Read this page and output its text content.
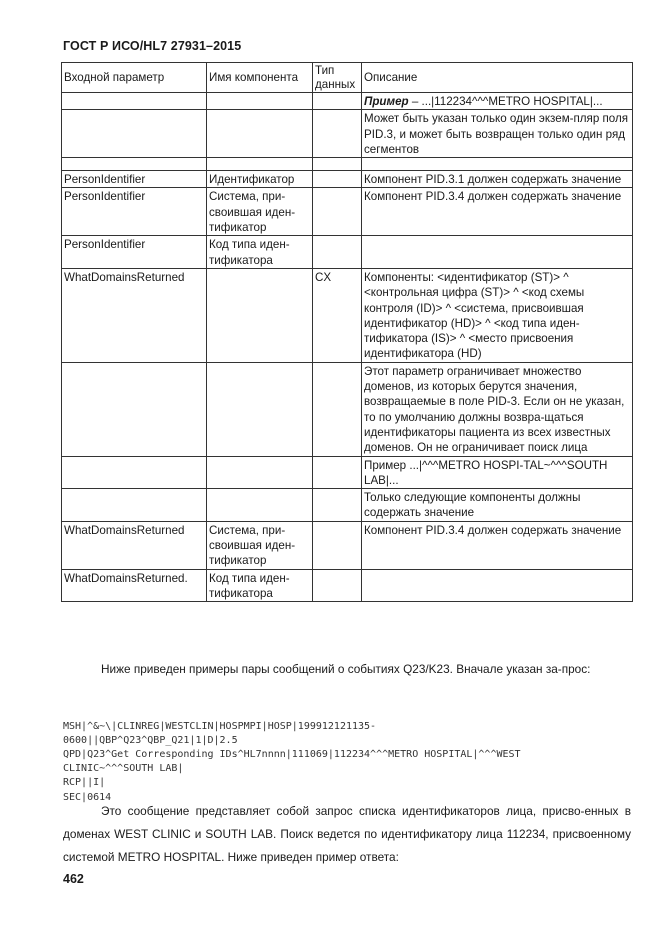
ГОСТ Р ИСО/HL7 27931–2015
Входной параметр	Имя компонента	Тип данных	Описание
			Пример – ...|112234^^^METRO HOSPITAL|...
			Может быть указан только один экзем-пляр поля PID.3, и может быть возвращен только один ряд сегментов

PersonIdentifier	Идентификатор		Компонент PID.3.1 должен содержать значение
PersonIdentifier	Система, при-своившая иден-тификатор		Компонент PID.3.4 должен содержать значение
PersonIdentifier	Код типа иден-тификатора		
WhatDomainsReturned		CX	Компоненты: <идентификатор (ST)> ^ <контрольная цифра (ST)> ^ <код схемы контроля (ID)> ^ <система, присвоившая идентификатор (HD)> ^ <код типа иден-тификатора (IS)> ^ <место присвоения идентификатора (HD)
			Этот параметр ограничивает множество доменов, из которых берутся значения, возвращаемые в поле PID-3. Если он не указан, то по умолчанию должны возвра-щаться идентификаторы пациента из всех известных доменов. Он не ограничивает поиск лица
			Пример ...|^^^METRO HOSPI-TAL~^^^SOUTH LAB|...
			Только следующие компоненты должны содержать значение
WhatDomainsReturned	Система, при-своившая иден-тификатор		Компонент PID.3.4 должен содержать значение
WhatDomainsReturned.	Код типа иден-тификатора		
Ниже приведен примеры пары сообщений о событиях Q23/K23. Вначале указан за-прос:

MSH|^&~\|CLINREG|WESTCLIN|HOSPMPI|HOSP|199912121135-
0600||QBP^Q23^QBP_Q21|1|D|2.5
QPD|Q23^Get Corresponding IDs^HL7nnnn|111069|112234^^^METRO HOSPITAL|^^^WEST
CLINIC~^^^SOUTH LAB|
RCP||I|
SEC|0614

Это сообщение представляет собой запрос списка идентификаторов лица, присво-енных в доменах WEST CLINIC и SOUTH LAB. Поиск ведется по идентификатору лица 112234, присвоенному системой METRO HOSPITAL. Ниже приведен пример ответа:
462
